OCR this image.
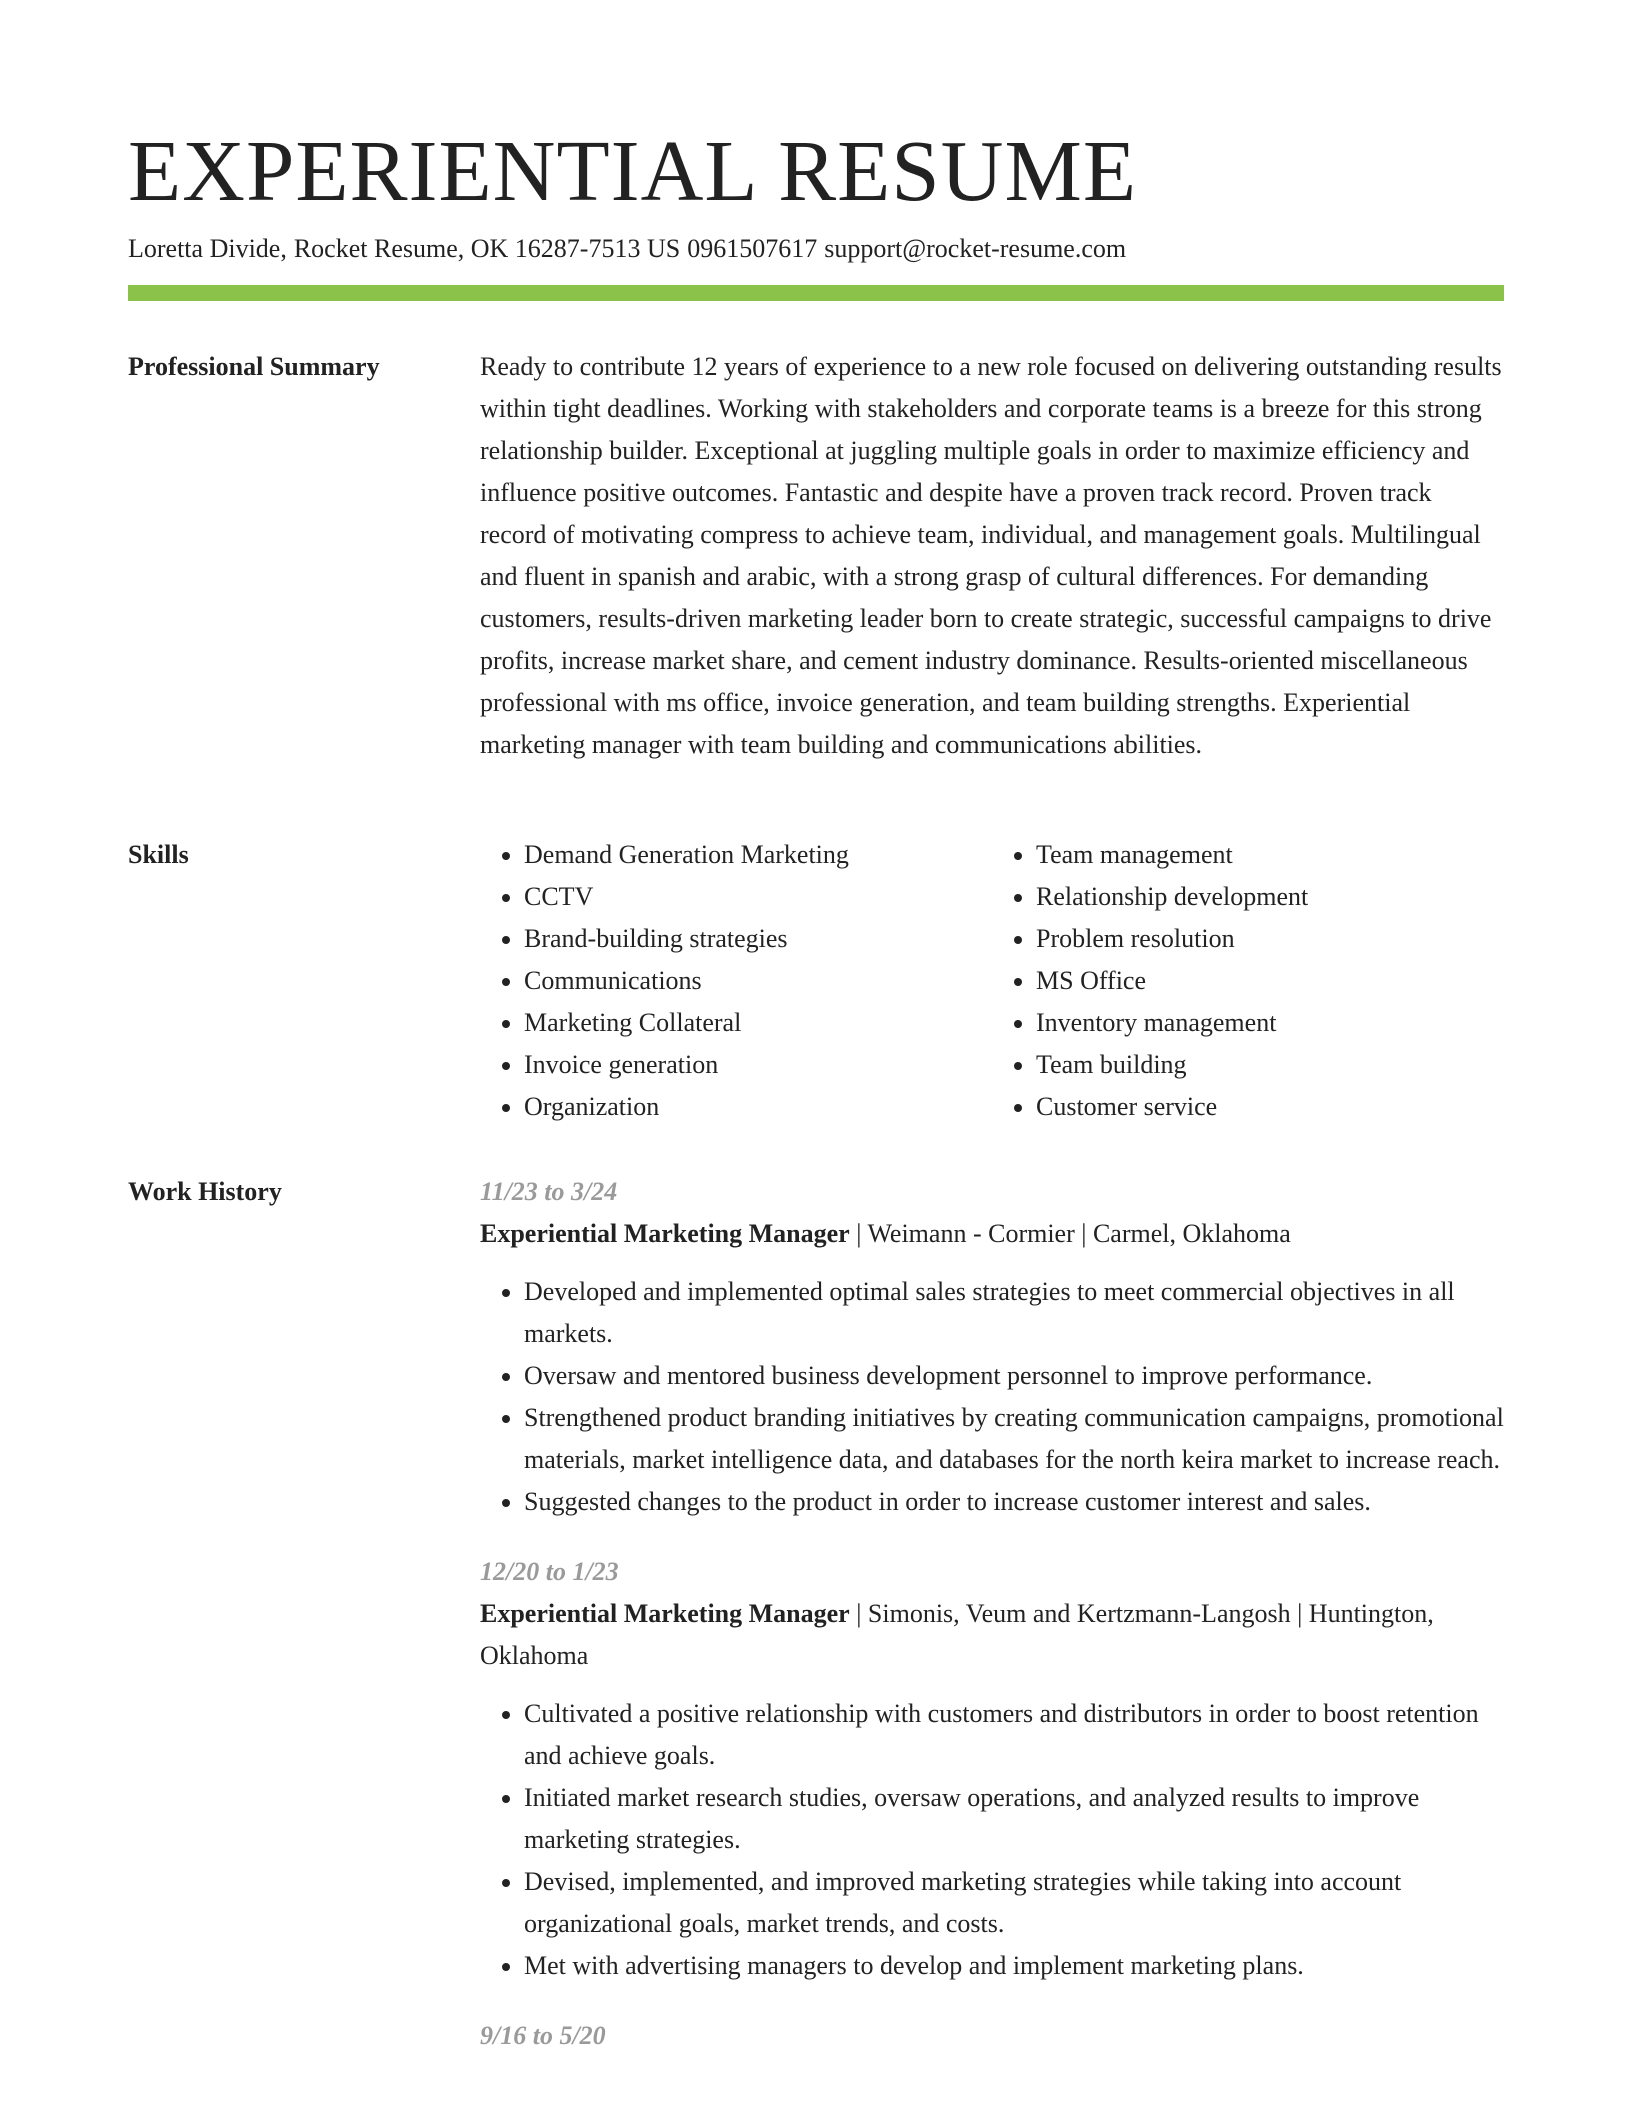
EXPERIENTIAL RESUME
Loretta Divide, Rocket Resume, OK 16287-7513 US 0961507617 support@rocket-resume.com
Professional Summary	Ready to contribute 12 years of experience to a new role focused on delivering outstanding results within tight deadlines. Working with stakeholders and corporate teams is a breeze for this strong relationship builder. Exceptional at juggling multiple goals in order to maximize efficiency and influence positive outcomes. Fantastic and despite have a proven track record. Proven track record of motivating compress to achieve team, individual, and management goals. Multilingual and fluent in spanish and arabic, with a strong grasp of cultural differences. For demanding customers, results-driven marketing leader born to create strategic, successful campaigns to drive profits, increase market share, and cement industry dominance. Results-oriented miscellaneous professional with ms office, invoice generation, and team building strengths. Experiential marketing manager with team building and communications abilities.

Skills
•	Demand Generation Marketing
• CCTV
• Brand-building strategies
• Communications
• Marketing Collateral
• Invoice generation
• Organization
• Team management
• Relationship development
• Problem resolution
• MS Office
• Inventory management
• Team building
• Customer service
Work History	11/23 to 3/24
Experiential Marketing Manager | Weimann - Cormier | Carmel, Oklahoma
• Developed and implemented optimal sales strategies to meet commercial objectives in all markets.
• Oversaw and mentored business development personnel to improve performance.
• Strengthened product branding initiatives by creating communication campaigns, promotional materials, market intelligence data, and databases for the north keira market to increase reach.
• Suggested changes to the product in order to increase customer interest and sales.
12/20 to 1/23
Experiential Marketing Manager | Simonis, Veum and Kertzmann-Langosh | Huntington, Oklahoma
• Cultivated a positive relationship with customers and distributors in order to boost retention and achieve goals.
• Initiated market research studies, oversaw operations, and analyzed results to improve marketing strategies.
• Devised, implemented, and improved marketing strategies while taking into account organizational goals, market trends, and costs.
• Met with advertising managers to develop and implement marketing plans.
9/16 to 5/20
